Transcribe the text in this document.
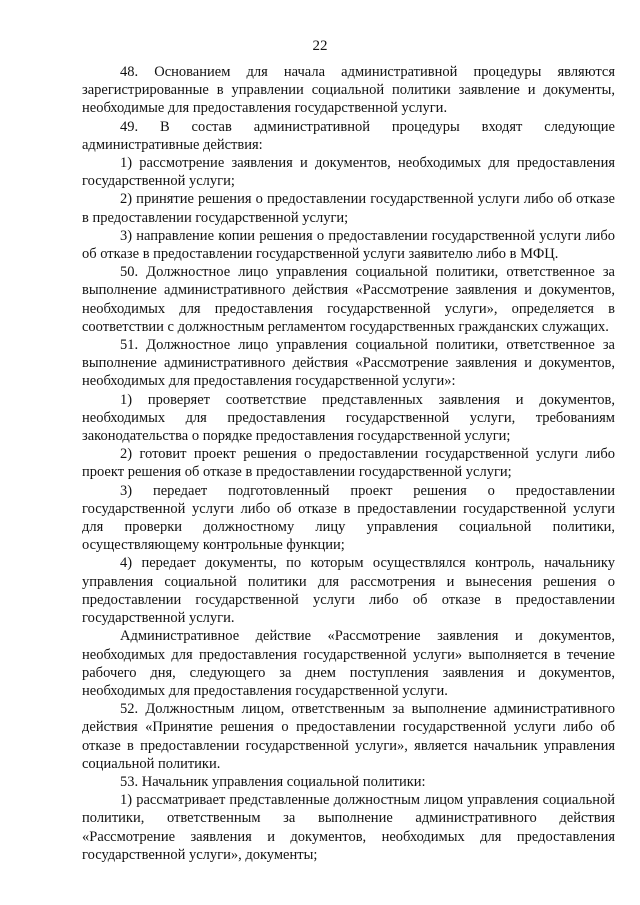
22

48. Основанием для начала административной процедуры являются зарегистрированные в управлении социальной политики заявление и документы, необходимые для предоставления государственной услуги.

49. В состав административной процедуры входят следующие административные действия:

1) рассмотрение заявления и документов, необходимых для предоставления государственной услуги;

2) принятие решения о предоставлении государственной услуги либо об отказе в предоставлении государственной услуги;

3) направление копии решения о предоставлении государственной услуги либо об отказе в предоставлении государственной услуги заявителю либо в МФЦ.

50. Должностное лицо управления социальной политики, ответственное за выполнение административного действия «Рассмотрение заявления и документов, необходимых для предоставления государственной услуги», определяется в соответствии с должностным регламентом государственных гражданских служащих.

51. Должностное лицо управления социальной политики, ответственное за выполнение административного действия «Рассмотрение заявления и документов, необходимых для предоставления государственной услуги»:

1) проверяет соответствие представленных заявления и документов, необходимых для предоставления государственной услуги, требованиям законодательства о порядке предоставления государственной услуги;

2) готовит проект решения о предоставлении государственной услуги либо проект решения об отказе в предоставлении государственной услуги;

3) передает подготовленный проект решения о предоставлении государственной услуги либо об отказе в предоставлении государственной услуги для проверки должностному лицу управления социальной политики, осуществляющему контрольные функции;

4) передает документы, по которым осуществлялся контроль, начальнику управления социальной политики для рассмотрения и вынесения решения о предоставлении государственной услуги либо об отказе в предоставлении государственной услуги.

Административное действие «Рассмотрение заявления и документов, необходимых для предоставления государственной услуги» выполняется в течение рабочего дня, следующего за днем поступления заявления и документов, необходимых для предоставления государственной услуги.

52. Должностным лицом, ответственным за выполнение административного действия «Принятие решения о предоставлении государственной услуги либо об отказе в предоставлении государственной услуги», является начальник управления социальной политики.

53. Начальник управления социальной политики:

1) рассматривает представленные должностным лицом управления социальной политики, ответственным за выполнение административного действия «Рассмотрение заявления и документов, необходимых для предоставления государственной услуги», документы;
